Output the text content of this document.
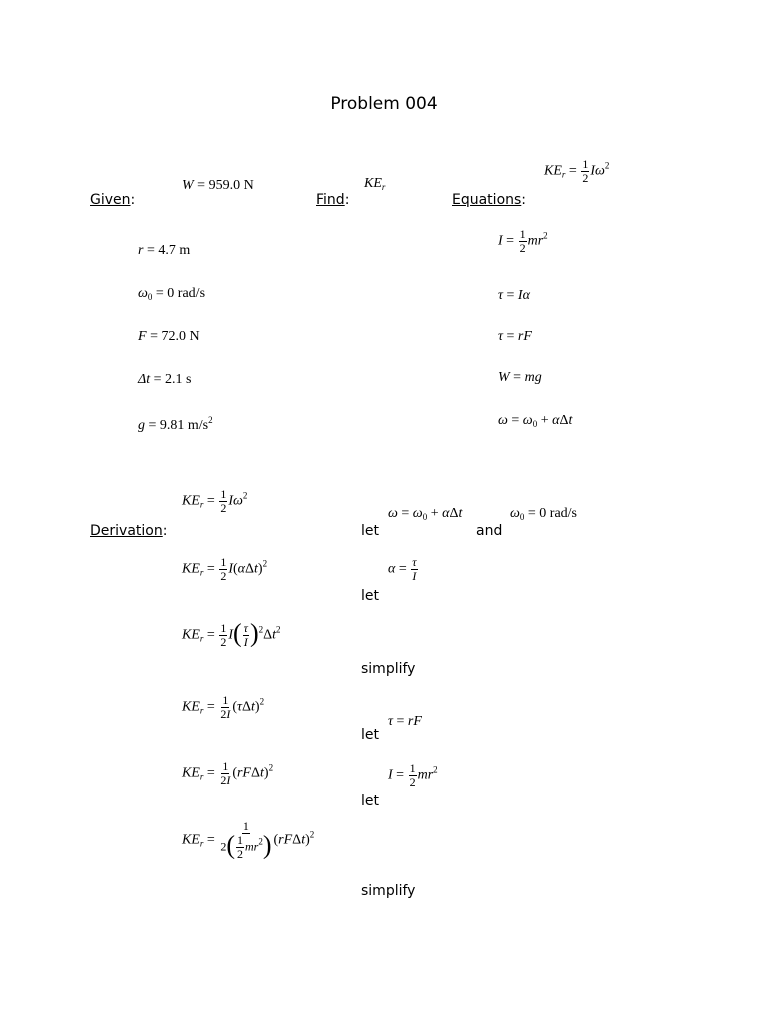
Problem 004
Given:	Find:	Equations:
Derivation:
W = 959.0 N
r = 4.7 m
$\omega_0 = 0$ rad/s
F = 72.0 N
Δt = 2.1 s
g = 9.81 $m/s^2$
$KE_r$
$KE_r = \frac{1}{2} I\omega^2$
$I = \frac{1}{2} mr^2$
τ = Iα
τ = rF
W = mg
$\omega = \omega_0 + \alpha\Delta t$
$KE_r = \frac{1}{2} I\omega^2$
$KE_r = \frac{1}{2} I(\alpha\Delta t)^2$
$KE_r = \frac{1}{2} I( \frac{\tau}{I} )^2\Delta t^2$
$KE_r = \frac{1}{2I} (\tau\Delta t)^2$
$KE_r = \frac{1}{2I} (rF\Delta t)^2$
$KE_r = \frac{1}{2( \frac{1}{2} mr^2)} (rF\Delta t)^2$
$\omega = \omega_0 + \alpha\Delta t$	$\omega_0 = 0$ rad/s
let	and
$\alpha = \frac{\tau}{I}$
let
simplify
τ = rF
let
$I = \frac{1}{2} mr^2$
let
simplify
